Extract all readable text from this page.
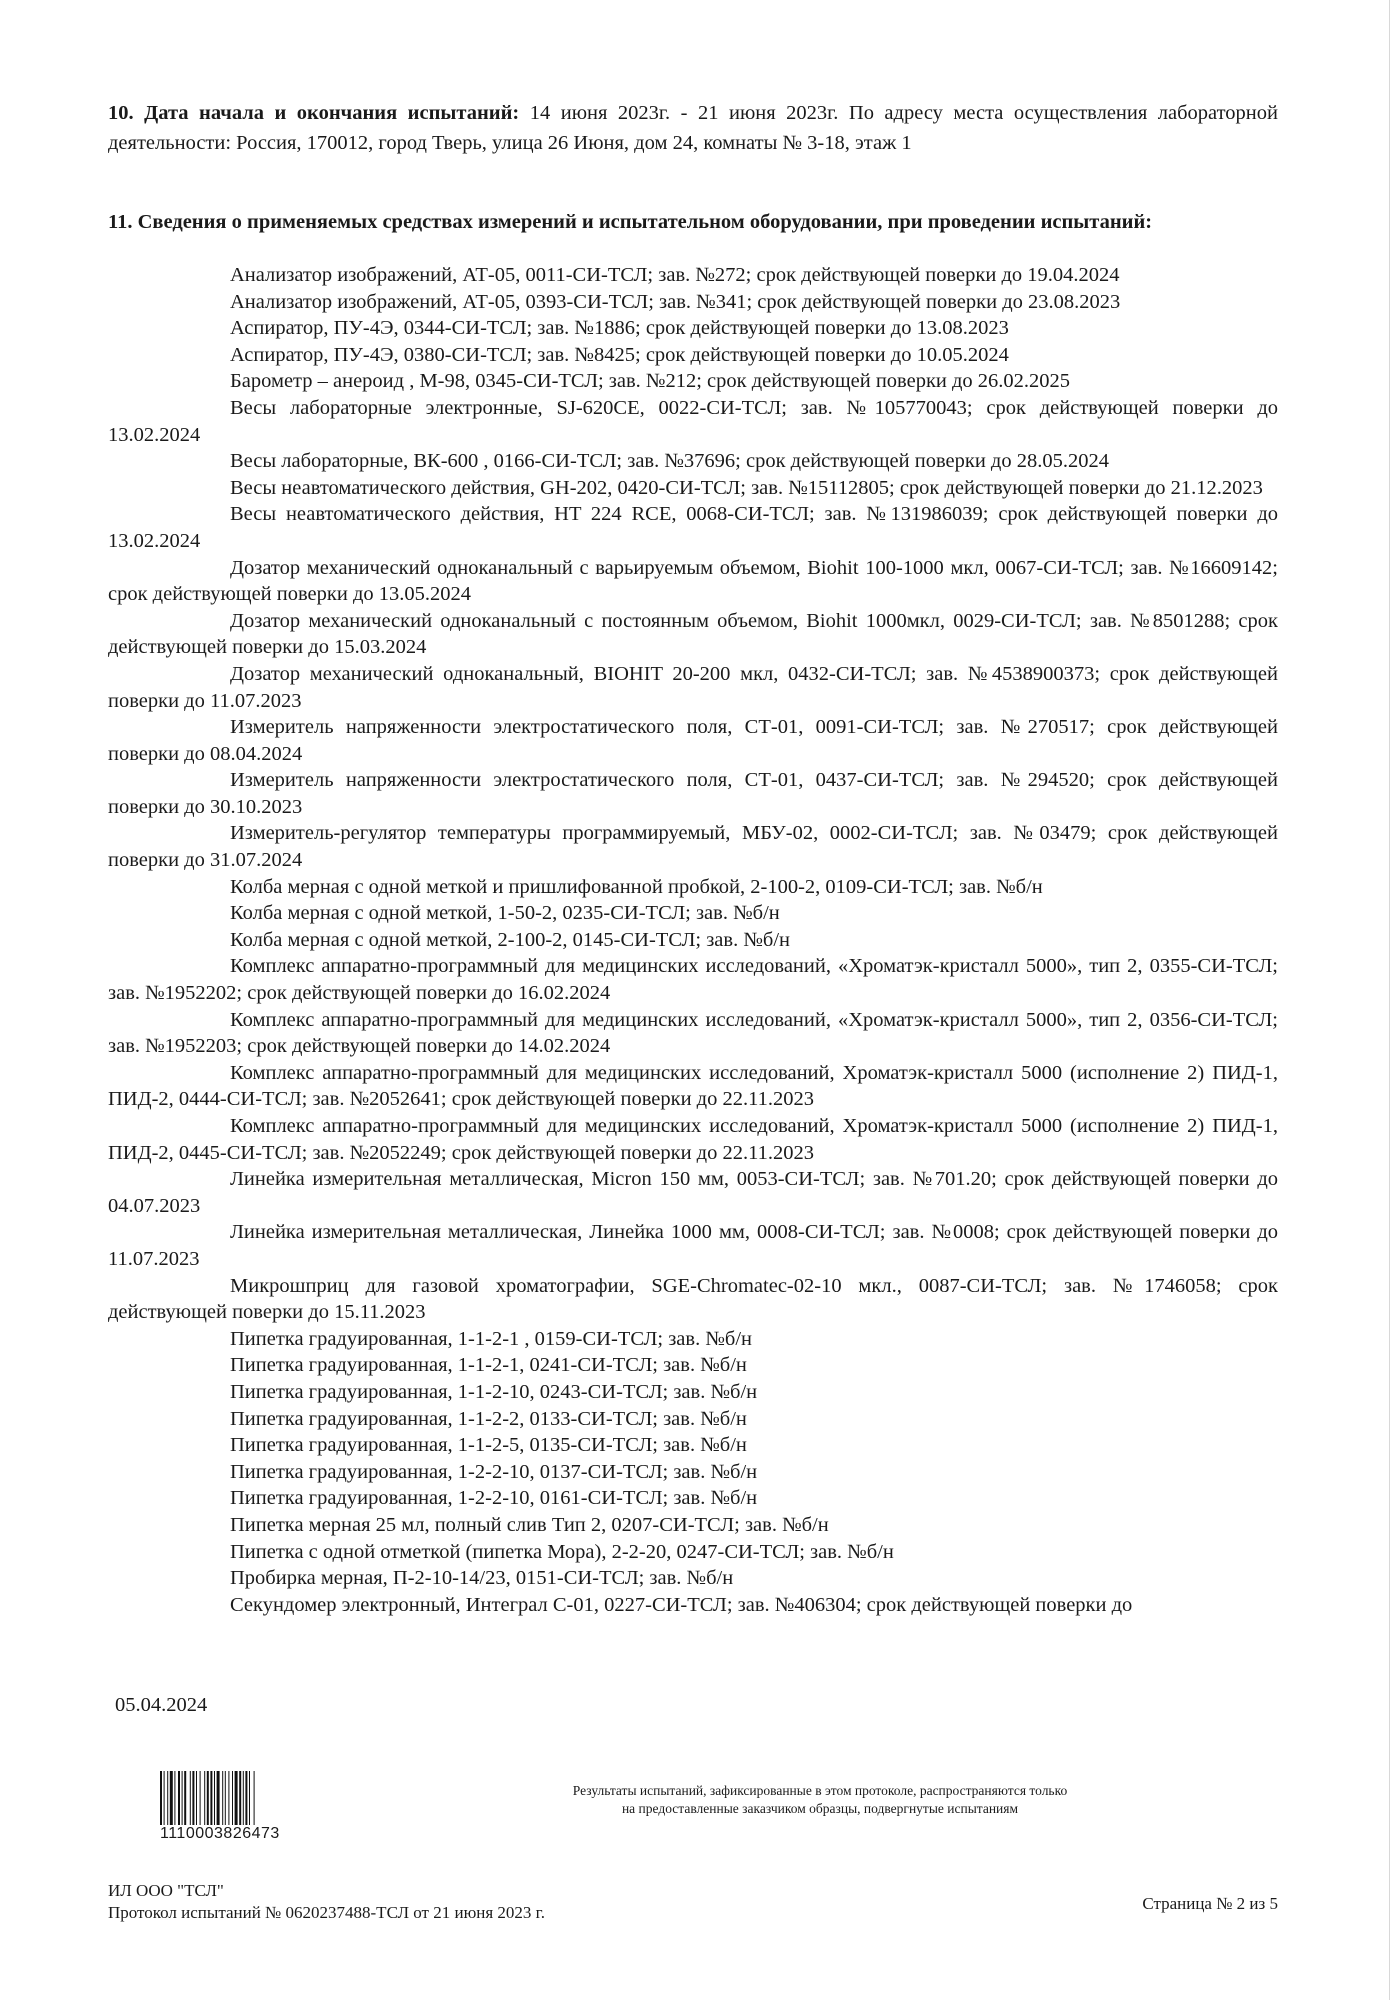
10. Дата начала и окончания испытаний: 14 июня 2023г. - 21 июня 2023г. По адресу места осуществления лабораторной деятельности: Россия, 170012, город Тверь, улица 26 Июня, дом 24, комнаты № 3-18, этаж 1
11. Сведения о применяемых средствах измерений и испытательном оборудовании, при проведении испытаний:
Анализатор изображений, АТ-05, 0011-СИ-ТСЛ; зав. №272; срок действующей поверки до 19.04.2024
Анализатор изображений, АТ-05, 0393-СИ-ТСЛ; зав. №341; срок действующей поверки до 23.08.2023
Аспиратор, ПУ-4Э, 0344-СИ-ТСЛ; зав. №1886; срок действующей поверки до 13.08.2023
Аспиратор, ПУ-4Э, 0380-СИ-ТСЛ; зав. №8425; срок действующей поверки до 10.05.2024
Барометр – анероид , М-98, 0345-СИ-ТСЛ; зав. №212; срок действующей поверки до 26.02.2025
Весы лабораторные электронные, SJ-620CE, 0022-СИ-ТСЛ; зав. №105770043; срок действующей поверки до 13.02.2024
Весы лабораторные, ВК-600 , 0166-СИ-ТСЛ; зав. №37696; срок действующей поверки до 28.05.2024
Весы неавтоматического действия, GH-202, 0420-СИ-ТСЛ; зав. №15112805; срок действующей поверки до 21.12.2023
Весы неавтоматического действия, HT 224 RCE, 0068-СИ-ТСЛ; зав. №131986039; срок действующей поверки до 13.02.2024
Дозатор механический одноканальный с варьируемым объемом, Biohit 100-1000 мкл, 0067-СИ-ТСЛ; зав. №16609142; срок действующей поверки до 13.05.2024
Дозатор механический одноканальный с постоянным объемом, Biohit 1000мкл, 0029-СИ-ТСЛ; зав. №8501288; срок действующей поверки до 15.03.2024
Дозатор механический одноканальный, BIOHIT 20-200 мкл, 0432-СИ-ТСЛ; зав. №4538900373; срок действующей поверки до 11.07.2023
Измеритель напряженности электростатического поля, СТ-01, 0091-СИ-ТСЛ; зав. №270517; срок действующей поверки до 08.04.2024
Измеритель напряженности электростатического поля, СТ-01, 0437-СИ-ТСЛ; зав. №294520; срок действующей поверки до 30.10.2023
Измеритель-регулятор температуры программируемый, МБУ-02, 0002-СИ-ТСЛ; зав. №03479; срок действующей поверки до 31.07.2024
Колба мерная с одной меткой и пришлифованной пробкой, 2-100-2, 0109-СИ-ТСЛ; зав. №б/н
Колба мерная с одной меткой, 1-50-2, 0235-СИ-ТСЛ; зав. №б/н
Колба мерная с одной меткой, 2-100-2, 0145-СИ-ТСЛ; зав. №б/н
Комплекс аппаратно-программный для медицинских исследований, «Хроматэк-кристалл 5000», тип 2, 0355-СИ-ТСЛ; зав. №1952202; срок действующей поверки до 16.02.2024
Комплекс аппаратно-программный для медицинских исследований, «Хроматэк-кристалл 5000», тип 2, 0356-СИ-ТСЛ; зав. №1952203; срок действующей поверки до 14.02.2024
Комплекс аппаратно-программный для медицинских исследований, Хроматэк-кристалл 5000 (исполнение 2) ПИД-1, ПИД-2, 0444-СИ-ТСЛ; зав. №2052641; срок действующей поверки до 22.11.2023
Комплекс аппаратно-программный для медицинских исследований, Хроматэк-кристалл 5000 (исполнение 2) ПИД-1, ПИД-2, 0445-СИ-ТСЛ; зав. №2052249; срок действующей поверки до 22.11.2023
Линейка измерительная металлическая, Micron 150 мм, 0053-СИ-ТСЛ; зав. №701.20; срок действующей поверки до 04.07.2023
Линейка измерительная металлическая, Линейка 1000 мм, 0008-СИ-ТСЛ; зав. №0008; срок действующей поверки до 11.07.2023
Микрошприц для газовой хроматографии, SGE-Chromatec-02-10 мкл., 0087-СИ-ТСЛ; зав. №1746058; срок действующей поверки до 15.11.2023
Пипетка градуированная, 1-1-2-1 , 0159-СИ-ТСЛ; зав. №б/н
Пипетка градуированная, 1-1-2-1, 0241-СИ-ТСЛ; зав. №б/н
Пипетка градуированная, 1-1-2-10, 0243-СИ-ТСЛ; зав. №б/н
Пипетка градуированная, 1-1-2-2, 0133-СИ-ТСЛ; зав. №б/н
Пипетка градуированная, 1-1-2-5, 0135-СИ-ТСЛ; зав. №б/н
Пипетка градуированная, 1-2-2-10, 0137-СИ-ТСЛ; зав. №б/н
Пипетка градуированная, 1-2-2-10, 0161-СИ-ТСЛ; зав. №б/н
Пипетка мерная 25 мл, полный слив Тип 2, 0207-СИ-ТСЛ; зав. №б/н
Пипетка с одной отметкой (пипетка Мора), 2-2-20, 0247-СИ-ТСЛ; зав. №б/н
Пробирка мерная, П-2-10-14/23, 0151-СИ-ТСЛ; зав. №б/н
Секундомер электронный, Интеграл С-01, 0227-СИ-ТСЛ; зав. №406304; срок действующей поверки до
05.04.2024
1110003826473
Результаты испытаний, зафиксированные в этом протоколе, распространяются только
на предоставленные заказчиком образцы, подвергнутые испытаниям
ИЛ ООО "ТСЛ"
Протокол испытаний № 0620237488-ТСЛ от 21 июня 2023 г.	Страница № 2 из 5
